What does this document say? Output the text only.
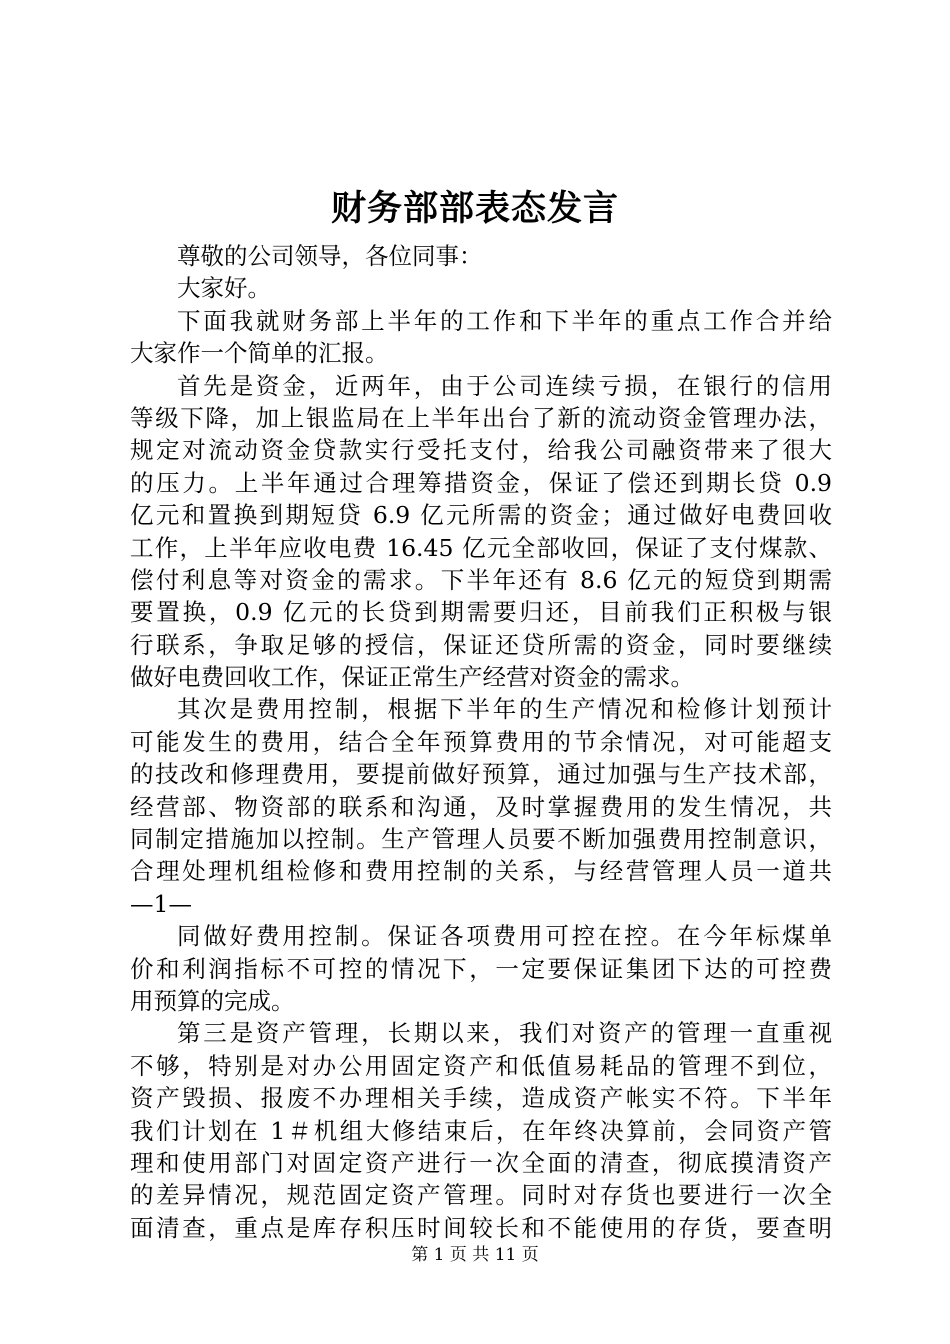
财务部部表态发言
尊敬的公司领导，各位同事：
大家好。
下面我就财务部上半年的工作和下半年的重点工作合并给
大家作一个简单的汇报。
首先是资金，近两年，由于公司连续亏损，在银行的信用
等级下降，加上银监局在上半年出台了新的流动资金管理办法，
规定对流动资金贷款实行受托支付，给我公司融资带来了很大
的压力。上半年通过合理筹措资金，保证了偿还到期长贷 0.9
亿元和置换到期短贷 6.9 亿元所需的资金；通过做好电费回收
工作，上半年应收电费 16.45 亿元全部收回，保证了支付煤款、
偿付利息等对资金的需求。下半年还有 8.6 亿元的短贷到期需
要置换，0.9 亿元的长贷到期需要归还，目前我们正积极与银
行联系，争取足够的授信，保证还贷所需的资金，同时要继续
做好电费回收工作，保证正常生产经营对资金的需求。
其次是费用控制，根据下半年的生产情况和检修计划预计
可能发生的费用，结合全年预算费用的节余情况，对可能超支
的技改和修理费用，要提前做好预算，通过加强与生产技术部，
经营部、物资部的联系和沟通，及时掌握费用的发生情况，共
同制定措施加以控制。生产管理人员要不断加强费用控制意识，
合理处理机组检修和费用控制的关系，与经营管理人员一道共
—1—
同做好费用控制。保证各项费用可控在控。在今年标煤单
价和利润指标不可控的情况下，一定要保证集团下达的可控费
用预算的完成。
第三是资产管理，长期以来，我们对资产的管理一直重视
不够，特别是对办公用固定资产和低值易耗品的管理不到位，
资产毁损、报废不办理相关手续，造成资产帐实不符。下半年
我们计划在 1＃机组大修结束后，在年终决算前，会同资产管
理和使用部门对固定资产进行一次全面的清查，彻底摸清资产
的差异情况，规范固定资产管理。同时对存货也要进行一次全
面清查，重点是库存积压时间较长和不能使用的存货，要查明
第 1 页 共 11 页
